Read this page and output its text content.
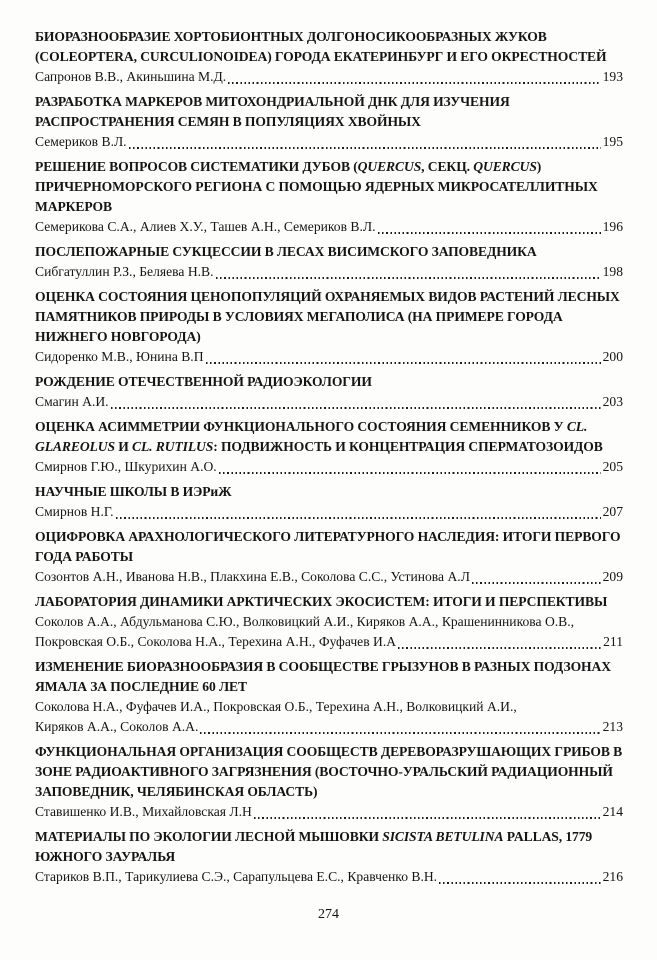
БИОРАЗНООБРАЗИЕ ХОРТОБИОНТНЫХ ДОЛГОНОСИКООБРАЗНЫХ ЖУКОВ (COLEOPTERA, CURCULIONOIDEA) ГОРОДА ЕКАТЕРИНБУРГ И ЕГО ОКРЕСТНОСТЕЙ
Сапронов В.В., Акиньшина М.Д.	193
РАЗРАБОТКА МАРКЕРОВ МИТОХОНДРИАЛЬНОЙ ДНК ДЛЯ ИЗУЧЕНИЯ РАСПРОСТРАНЕНИЯ СЕМЯН В ПОПУЛЯЦИЯХ ХВОЙНЫХ
Семериков В.Л.	195
РЕШЕНИЕ ВОПРОСОВ СИСТЕМАТИКИ ДУБОВ (QUERCUS, СЕКЦ. QUERCUS) ПРИЧЕРНОМОРСКОГО РЕГИОНА С ПОМОЩЬЮ ЯДЕРНЫХ МИКРОСАТЕЛЛИТНЫХ МАРКЕРОВ
Семерикова С.А., Алиев Х.У., Ташев А.Н., Семериков В.Л.	196
ПОСЛЕПОЖАРНЫЕ СУКЦЕССИИ В ЛЕСАХ ВИСИМСКОГО ЗАПОВЕДНИКА
Сибгатуллин Р.З., Беляева Н.В.	198
ОЦЕНКА СОСТОЯНИЯ ЦЕНОПОПУЛЯЦИЙ ОХРАНЯЕМЫХ ВИДОВ РАСТЕНИЙ ЛЕСНЫХ ПАМЯТНИКОВ ПРИРОДЫ В УСЛОВИЯХ МЕГАПОЛИСА (НА ПРИМЕРЕ ГОРОДА НИЖНЕГО НОВГОРОДА)
Сидоренко М.В., Юнина В.П	200
РОЖДЕНИЕ ОТЕЧЕСТВЕННОЙ РАДИОЭКОЛОГИИ
Смагин А.И.	203
ОЦЕНКА АСИММЕТРИИ ФУНКЦИОНАЛЬНОГО СОСТОЯНИЯ СЕМЕННИКОВ У CL. GLAREOLUS И CL. RUTILUS: ПОДВИЖНОСТЬ И КОНЦЕНТРАЦИЯ СПЕРМАТОЗОИДОВ
Смирнов Г.Ю., Шкурихин А.О.	205
НАУЧНЫЕ ШКОЛЫ В ИЭРиЖ
Смирнов Н.Г.	207
ОЦИФРОВКА АРАХНОЛОГИЧЕСКОГО ЛИТЕРАТУРНОГО НАСЛЕДИЯ: ИТОГИ ПЕРВОГО ГОДА РАБОТЫ
Созонтов А.Н., Иванова Н.В., Плакхина Е.В., Соколова С.С., Устинова А.Л	209
ЛАБОРАТОРИЯ ДИНАМИКИ АРКТИЧЕСКИХ ЭКОСИСТЕМ: ИТОГИ И ПЕРСПЕКТИВЫ
Соколов А.А., Абдульманова С.Ю., Волковицкий А.И., Киряков А.А., Крашенинникова О.В.,
Покровская О.Б., Соколова Н.А., Терехина А.Н., Фуфачев И.А	211
ИЗМЕНЕНИЕ БИОРАЗНООБРАЗИЯ В СООБЩЕСТВЕ ГРЫЗУНОВ В РАЗНЫХ ПОДЗОНАХ ЯМАЛА ЗА ПОСЛЕДНИЕ 60 ЛЕТ
Соколова Н.А., Фуфачев И.А., Покровская О.Б., Терехина А.Н., Волковицкий А.И.,
Киряков А.А., Соколов А.А.	213
ФУНКЦИОНАЛЬНАЯ ОРГАНИЗАЦИЯ СООБЩЕСТВ ДЕРЕВОРАЗРУШАЮЩИХ ГРИБОВ В ЗОНЕ РАДИОАКТИВНОГО ЗАГРЯЗНЕНИЯ (ВОСТОЧНО-УРАЛЬСКИЙ РАДИАЦИОННЫЙ ЗАПОВЕДНИК, ЧЕЛЯБИНСКАЯ ОБЛАСТЬ)
Ставишенко И.В., Михайловская Л.Н	214
МАТЕРИАЛЫ ПО ЭКОЛОГИИ ЛЕСНОЙ МЫШОВКИ SICISTA BETULINA PALLAS, 1779 ЮЖНОГО ЗАУРАЛЬЯ
Стариков В.П., Тарикулиева С.Э., Сарапульцева Е.С., Кравченко В.Н.	216
274
